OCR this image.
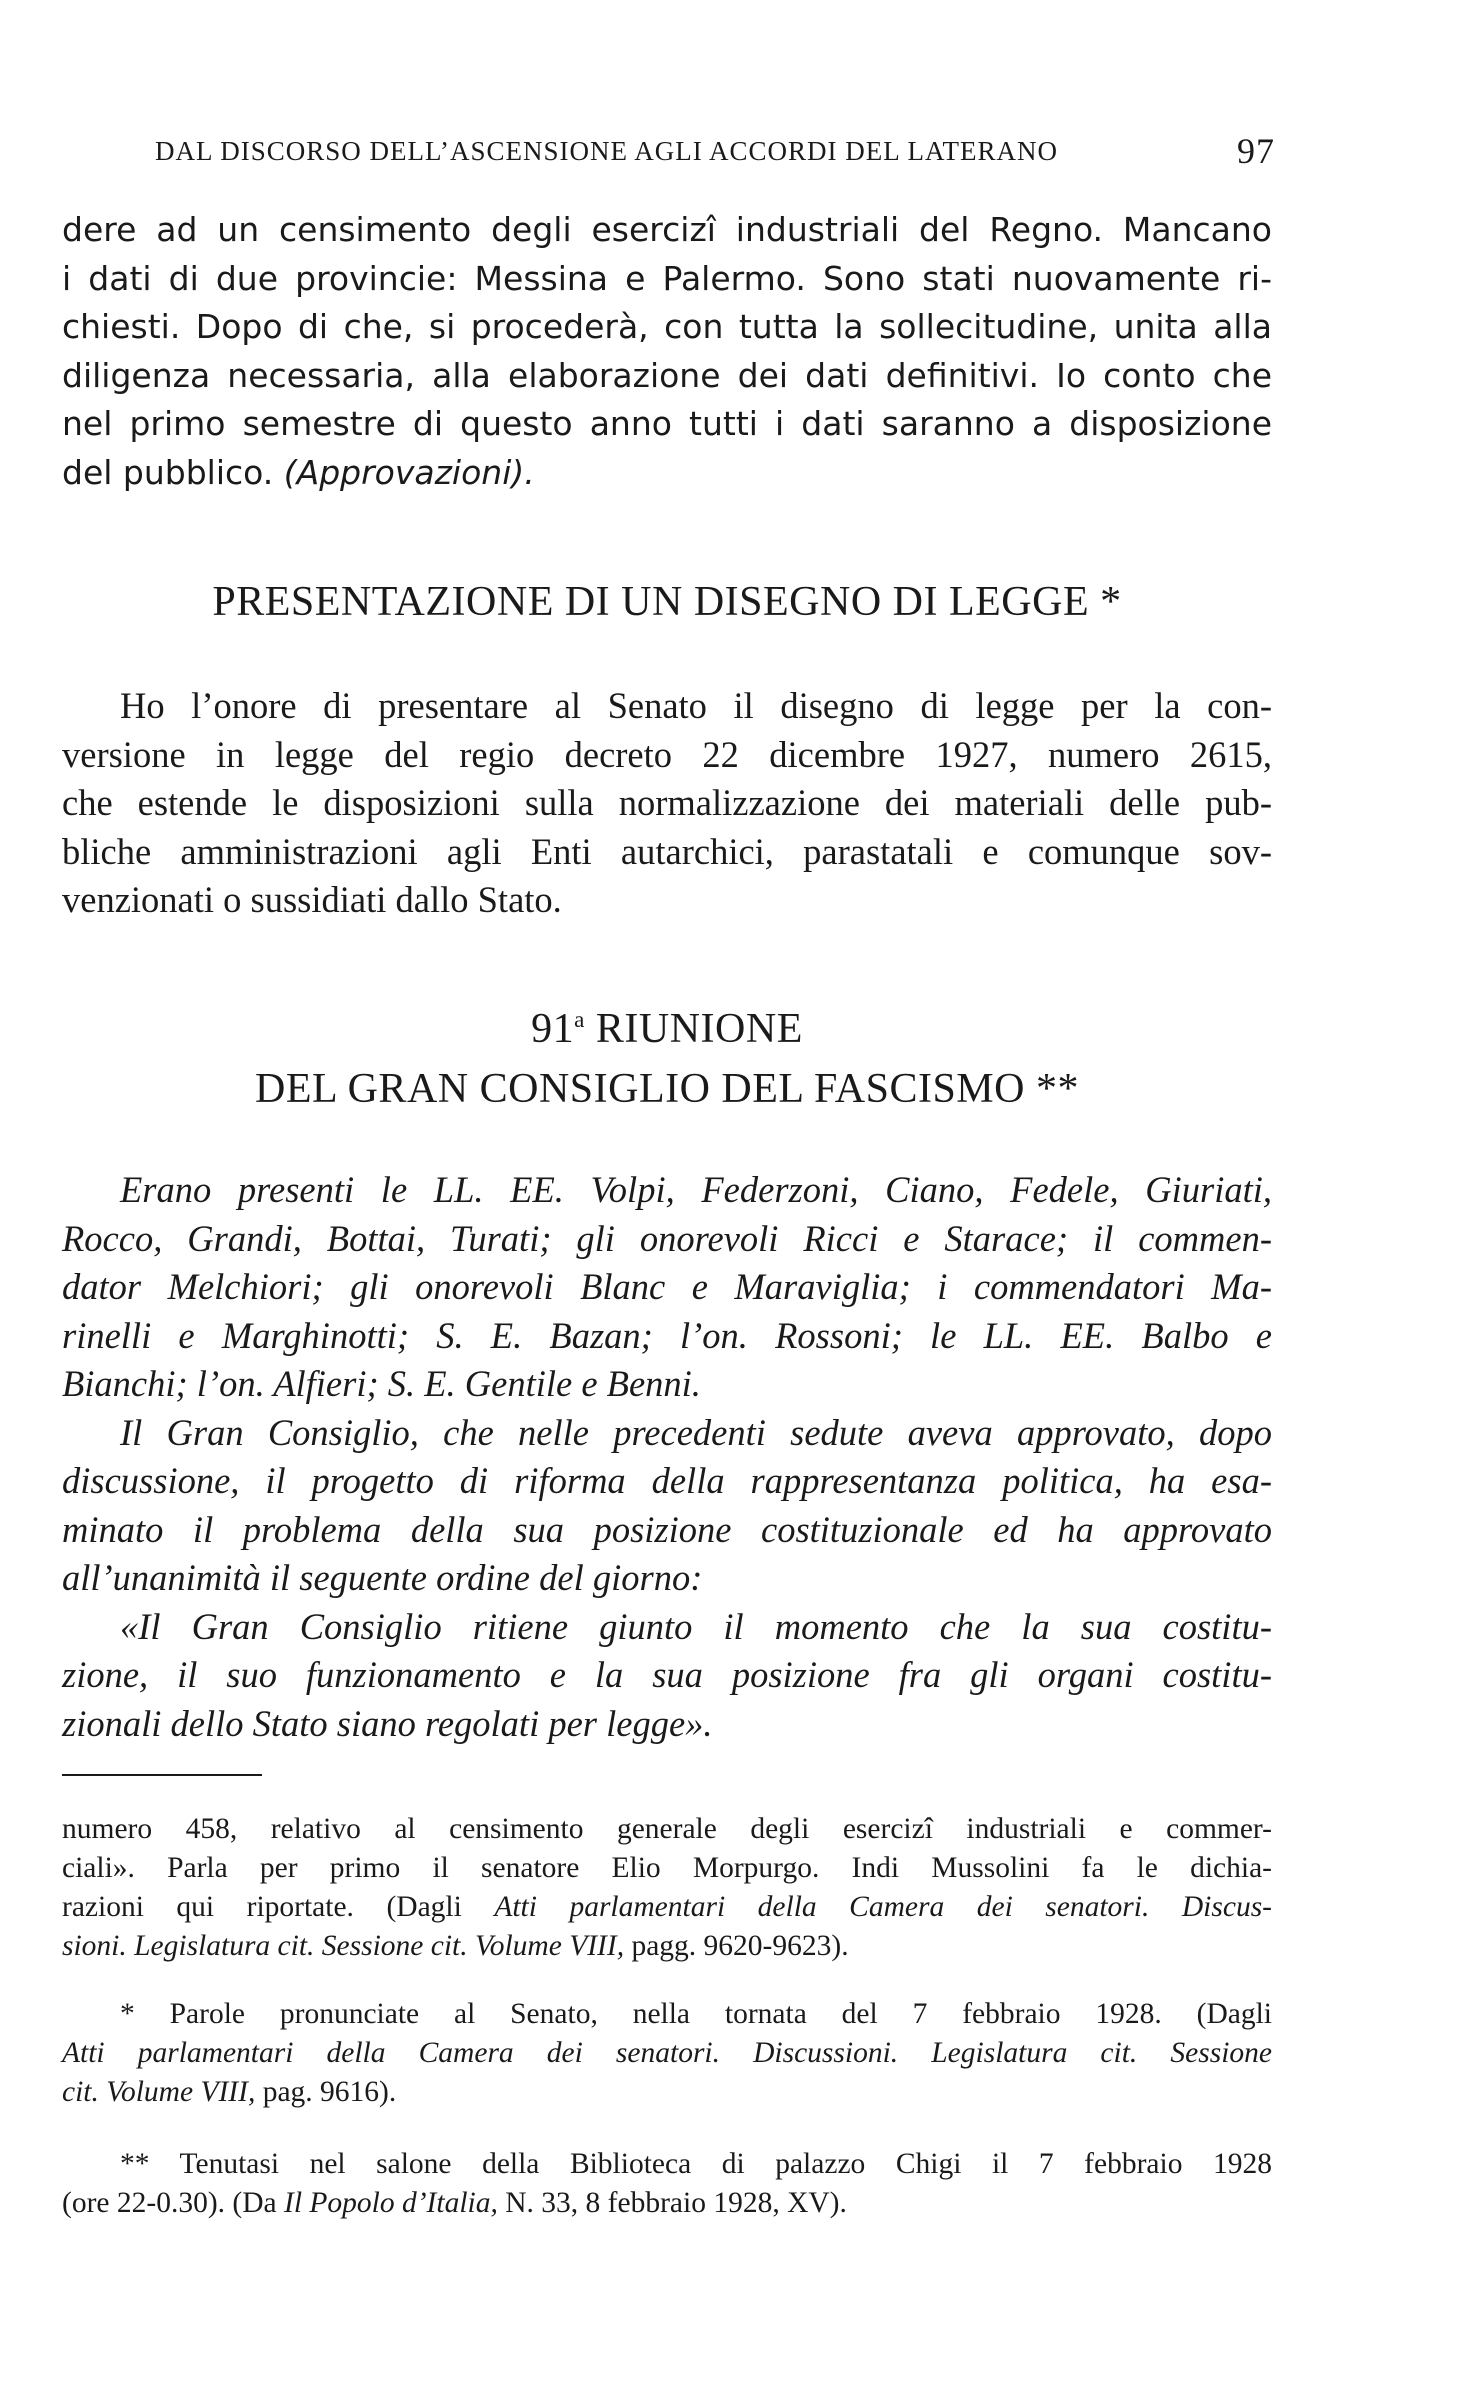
DAL DISCORSO DELL’ASCENSIONE AGLI ACCORDI DEL LATERANO	97
dere ad un censimento degli esercizî industriali del Regno. Mancano
i dati di due provincie: Messina e Palermo. Sono stati nuovamente ri-
chiesti. Dopo di che, si procederà, con tutta la sollecitudine, unita alla
diligenza necessaria, alla elaborazione dei dati definitivi. Io conto che
nel primo semestre di questo anno tutti i dati saranno a disposizione
del pubblico. (Approvazioni).
PRESENTAZIONE DI UN DISEGNO DI LEGGE *
Ho l’onore di presentare al Senato il disegno di legge per la con-
versione in legge del regio decreto 22 dicembre 1927, numero 2615,
che estende le disposizioni sulla normalizzazione dei materiali delle pub-
bliche amministrazioni agli Enti autarchici, parastatali e comunque sov-
venzionati o sussidiati dallo Stato.
91$^a$ RIUNIONE
DEL GRAN CONSIGLIO DEL FASCISMO **
Erano presenti le LL. EE. Volpi, Federzoni, Ciano, Fedele, Giuriati,
Rocco, Grandi, Bottai, Turati; gli onorevoli Ricci e Starace; il commen-
dator Melchiori; gli onorevoli Blanc e Maraviglia; i commendatori Ma-
rinelli e Marghinotti; S. E. Bazan; l’on. Rossoni; le LL. EE. Balbo e
Bianchi; l’on. Alfieri; S. E. Gentile e Benni.
Il Gran Consiglio, che nelle precedenti sedute aveva approvato, dopo
discussione, il progetto di riforma della rappresentanza politica, ha esa-
minato il problema della sua posizione costituzionale ed ha approvato
all’unanimità il seguente ordine del giorno:
«Il Gran Consiglio ritiene giunto il momento che la sua costitu-
zione, il suo funzionamento e la sua posizione fra gli organi costitu-
zionali dello Stato siano regolati per legge».
numero 458, relativo al censimento generale degli esercizî industriali e commer-
ciali». Parla per primo il senatore Elio Morpurgo. Indi Mussolini fa le dichia-
razioni qui riportate. (Dagli Atti parlamentari della Camera dei senatori. Discus-
sioni. Legislatura cit. Sessione cit. Volume VIII, pagg. 9620-9623).
* Parole pronunciate al Senato, nella tornata del 7 febbraio 1928. (Dagli
Atti parlamentari della Camera dei senatori. Discussioni. Legislatura cit. Sessione
cit. Volume VIII, pag. 9616).
** Tenutasi nel salone della Biblioteca di palazzo Chigi il 7 febbraio 1928
(ore 22-0.30). (Da Il Popolo d’Italia, N. 33, 8 febbraio 1928, XV).
